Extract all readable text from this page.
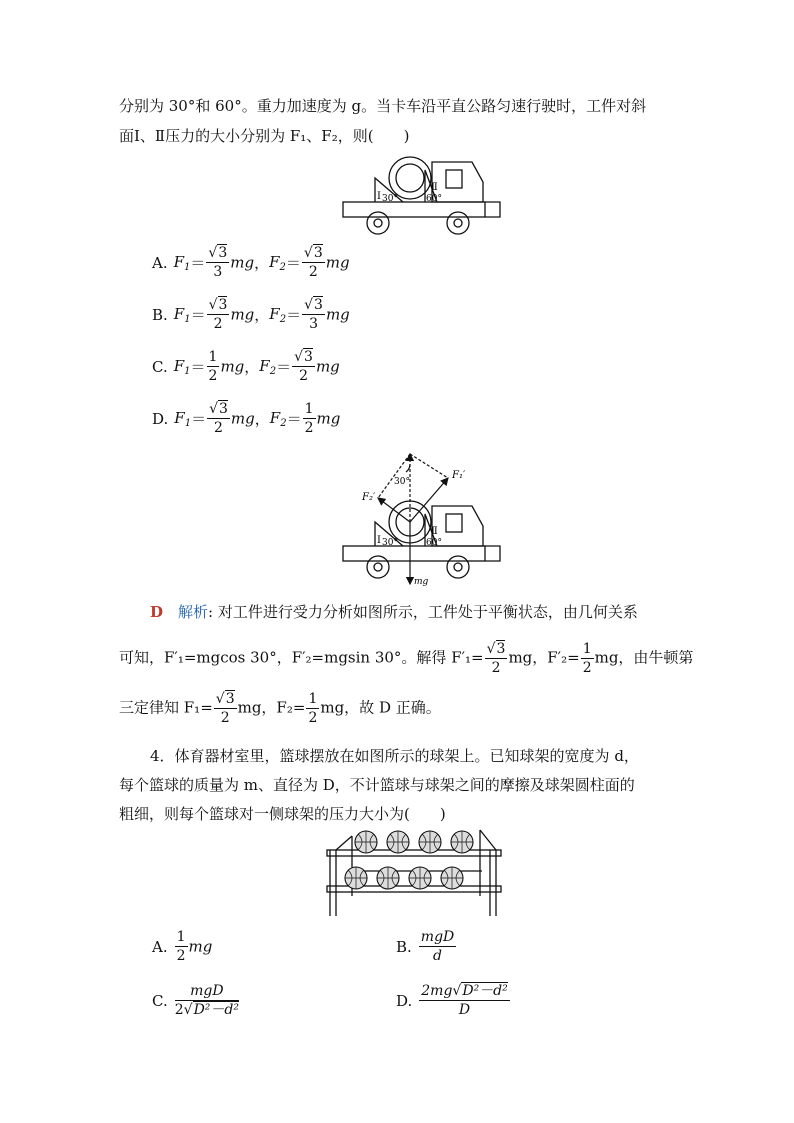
分别为 30°和 60°。重力加速度为 g。当卡车沿平直公路匀速行驶时，工件对斜
面Ⅰ、Ⅱ压力的大小分别为 F₁、F₂，则(　　)
Ⅰ 30°
Ⅱ
60°
A. $F_1= \frac{√3}{3}$ mg，$F_2= \frac{√3}{2}$ mg
B. $F_1= \frac{√3}{2}$ mg，$F_2= \frac{√3}{3}$ mg
C. $F_1= \frac{1}{2}$ mg，$F_2= \frac{√3}{2}$ mg
D. $F_1= \frac{√3}{2}$ mg，$F_2= \frac{1}{2}$ mg
F₁′
F₂′
30°
mg
Ⅰ 30°
Ⅱ
60°
D　 解析: 对工件进行受力分析如图所示，工件处于平衡状态，由几何关系
可知，F′₁=mgcos 30°，F′₂=mgsin 30°。解得 $F'_1= \frac{√3}{2}$ mg，$F'_2= \frac{1}{2}$ mg，由牛顿第
三定律知 $F_1= \frac{√3}{2}$ mg，$F_2= \frac{1}{2}$ mg，故 D 正确。
4．体育器材室里，篮球摆放在如图所示的球架上。已知球架的宽度为 d，
每个篮球的质量为 m、直径为 D，不计篮球与球架之间的摩擦及球架圆柱面的
粗细，则每个篮球对一侧球架的压力大小为(　　)
A. $\frac{1}{2}$ mg	B. $\frac{\text{mgD}}{d}$
C. $\frac{\text{mgD}}{\text{2√D²－d²}}$	D. $\frac{\text{2mg√D²－d²}}{D}$
